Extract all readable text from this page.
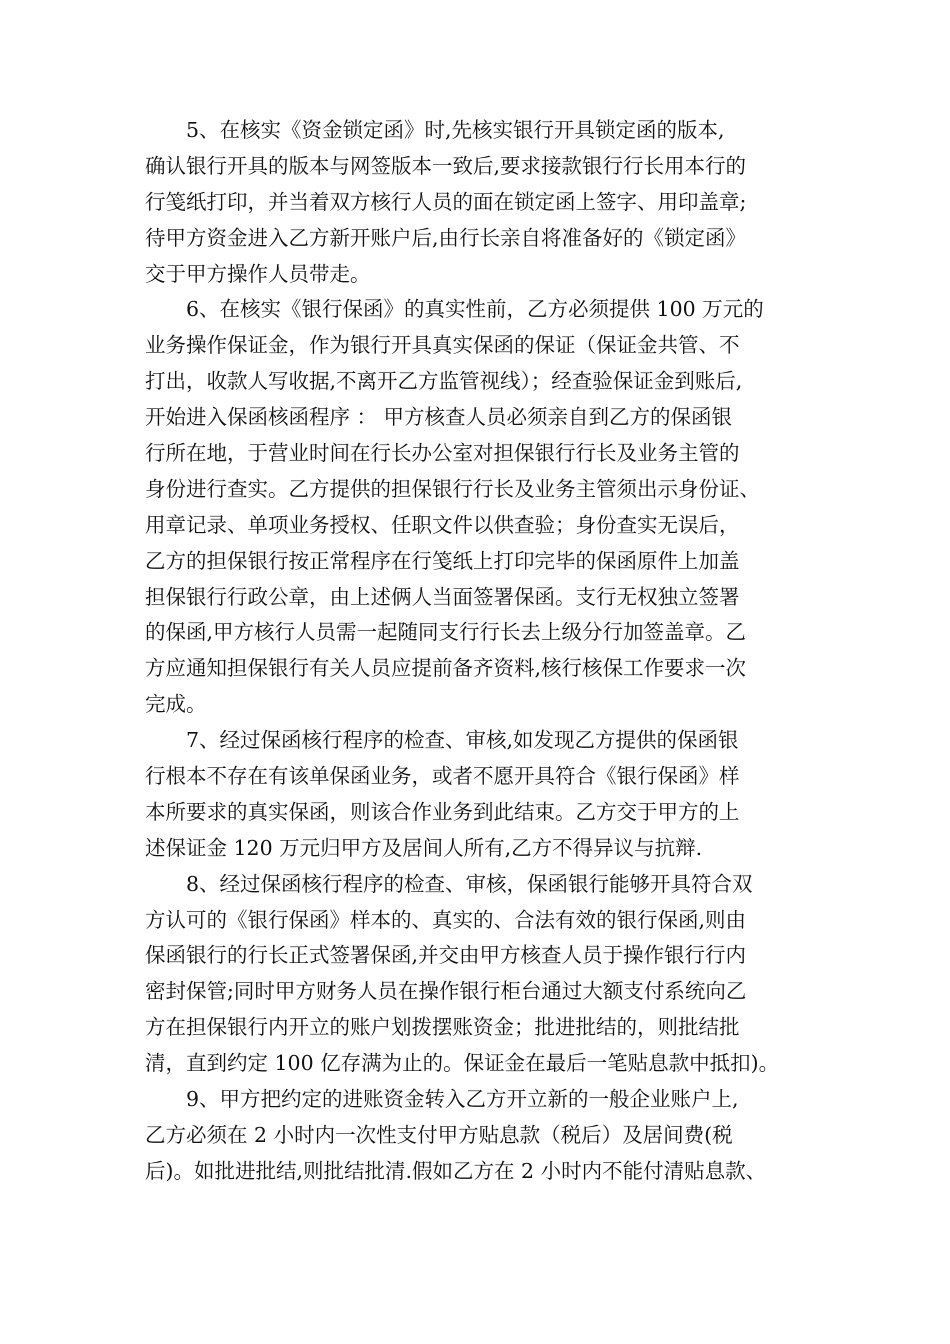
5、在核实《资金锁定函》时,先核实银行开具锁定函的版本,
确认银行开具的版本与网签版本一致后,要求接款银行行长用本行的
行笺纸打印，并当着双方核行人员的面在锁定函上签字、用印盖章;
待甲方资金进入乙方新开账户后,由行长亲自将准备好的《锁定函》
交于甲方操作人员带走。
6、在核实《银行保函》的真实性前，乙方必须提供 100 万元的
业务操作保证金，作为银行开具真实保函的保证（保证金共管、不
打出，收款人写收据,不离开乙方监管视线）；经查验保证金到账后,
开始进入保函核函程序 ： 甲方核查人员必须亲自到乙方的保函银
行所在地，于营业时间在行长办公室对担保银行行长及业务主管的
身份进行查实。乙方提供的担保银行行长及业务主管须出示身份证、
用章记录、单项业务授权、任职文件以供查验；身份查实无误后，
乙方的担保银行按正常程序在行笺纸上打印完毕的保函原件上加盖
担保银行行政公章，由上述俩人当面签署保函。支行无权独立签署
的保函,甲方核行人员需一起随同支行行长去上级分行加签盖章。乙
方应通知担保银行有关人员应提前备齐资料,核行核保工作要求一次
完成。
7、经过保函核行程序的检查、审核,如发现乙方提供的保函银
行根本不存在有该单保函业务，或者不愿开具符合《银行保函》样
本所要求的真实保函，则该合作业务到此结束。乙方交于甲方的上
述保证金 120 万元归甲方及居间人所有,乙方不得异议与抗辩.
8、经过保函核行程序的检查、审核，保函银行能够开具符合双
方认可的《银行保函》样本的、真实的、合法有效的银行保函,则由
保函银行的行长正式签署保函,并交由甲方核查人员于操作银行行内
密封保管;同时甲方财务人员在操作银行柜台通过大额支付系统向乙
方在担保银行内开立的账户划拨摆账资金；批进批结的，则批结批
清，直到约定 100 亿存满为止的。保证金在最后一笔贴息款中抵扣)。
9、甲方把约定的进账资金转入乙方开立新的一般企业账户上,
乙方必须在 2 小时内一次性支付甲方贴息款（税后）及居间费(税
后)。如批进批结,则批结批清.假如乙方在 2 小时内不能付清贴息款、
